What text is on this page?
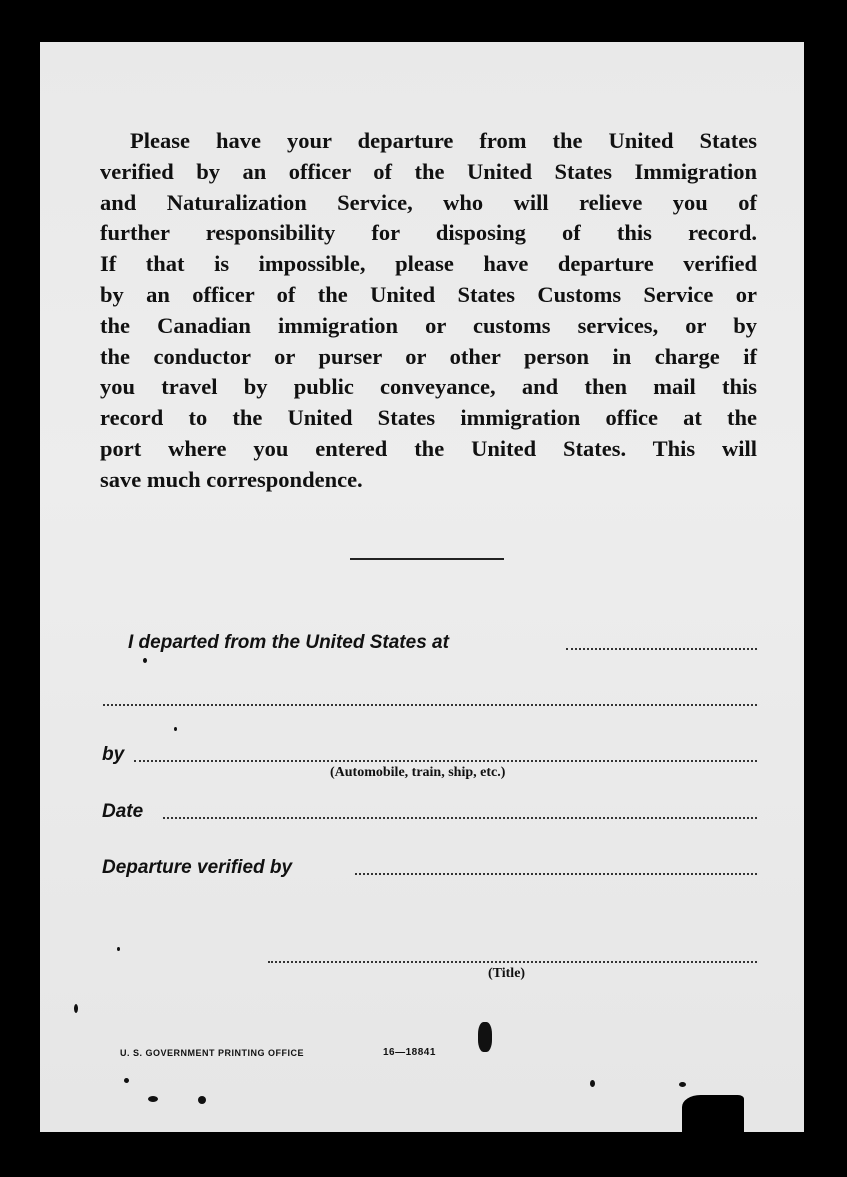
Please have your departure from the United States
verified by an officer of the United States Immigration
and Naturalization Service, who will relieve you of
further responsibility for disposing of this record.
If that is impossible, please have departure verified
by an officer of the United States Customs Service or
the Canadian immigration or customs services, or by
the conductor or purser or other person in charge if
you travel by public conveyance, and then mail this
record to the United States immigration office at the
port where you entered the United States. This will
save much correspondence.
I departed from the United States at
by
(Automobile, train, ship, etc.)
Date
Departure verified by
(Title)
U. S. GOVERNMENT PRINTING OFFICE	16—18841
